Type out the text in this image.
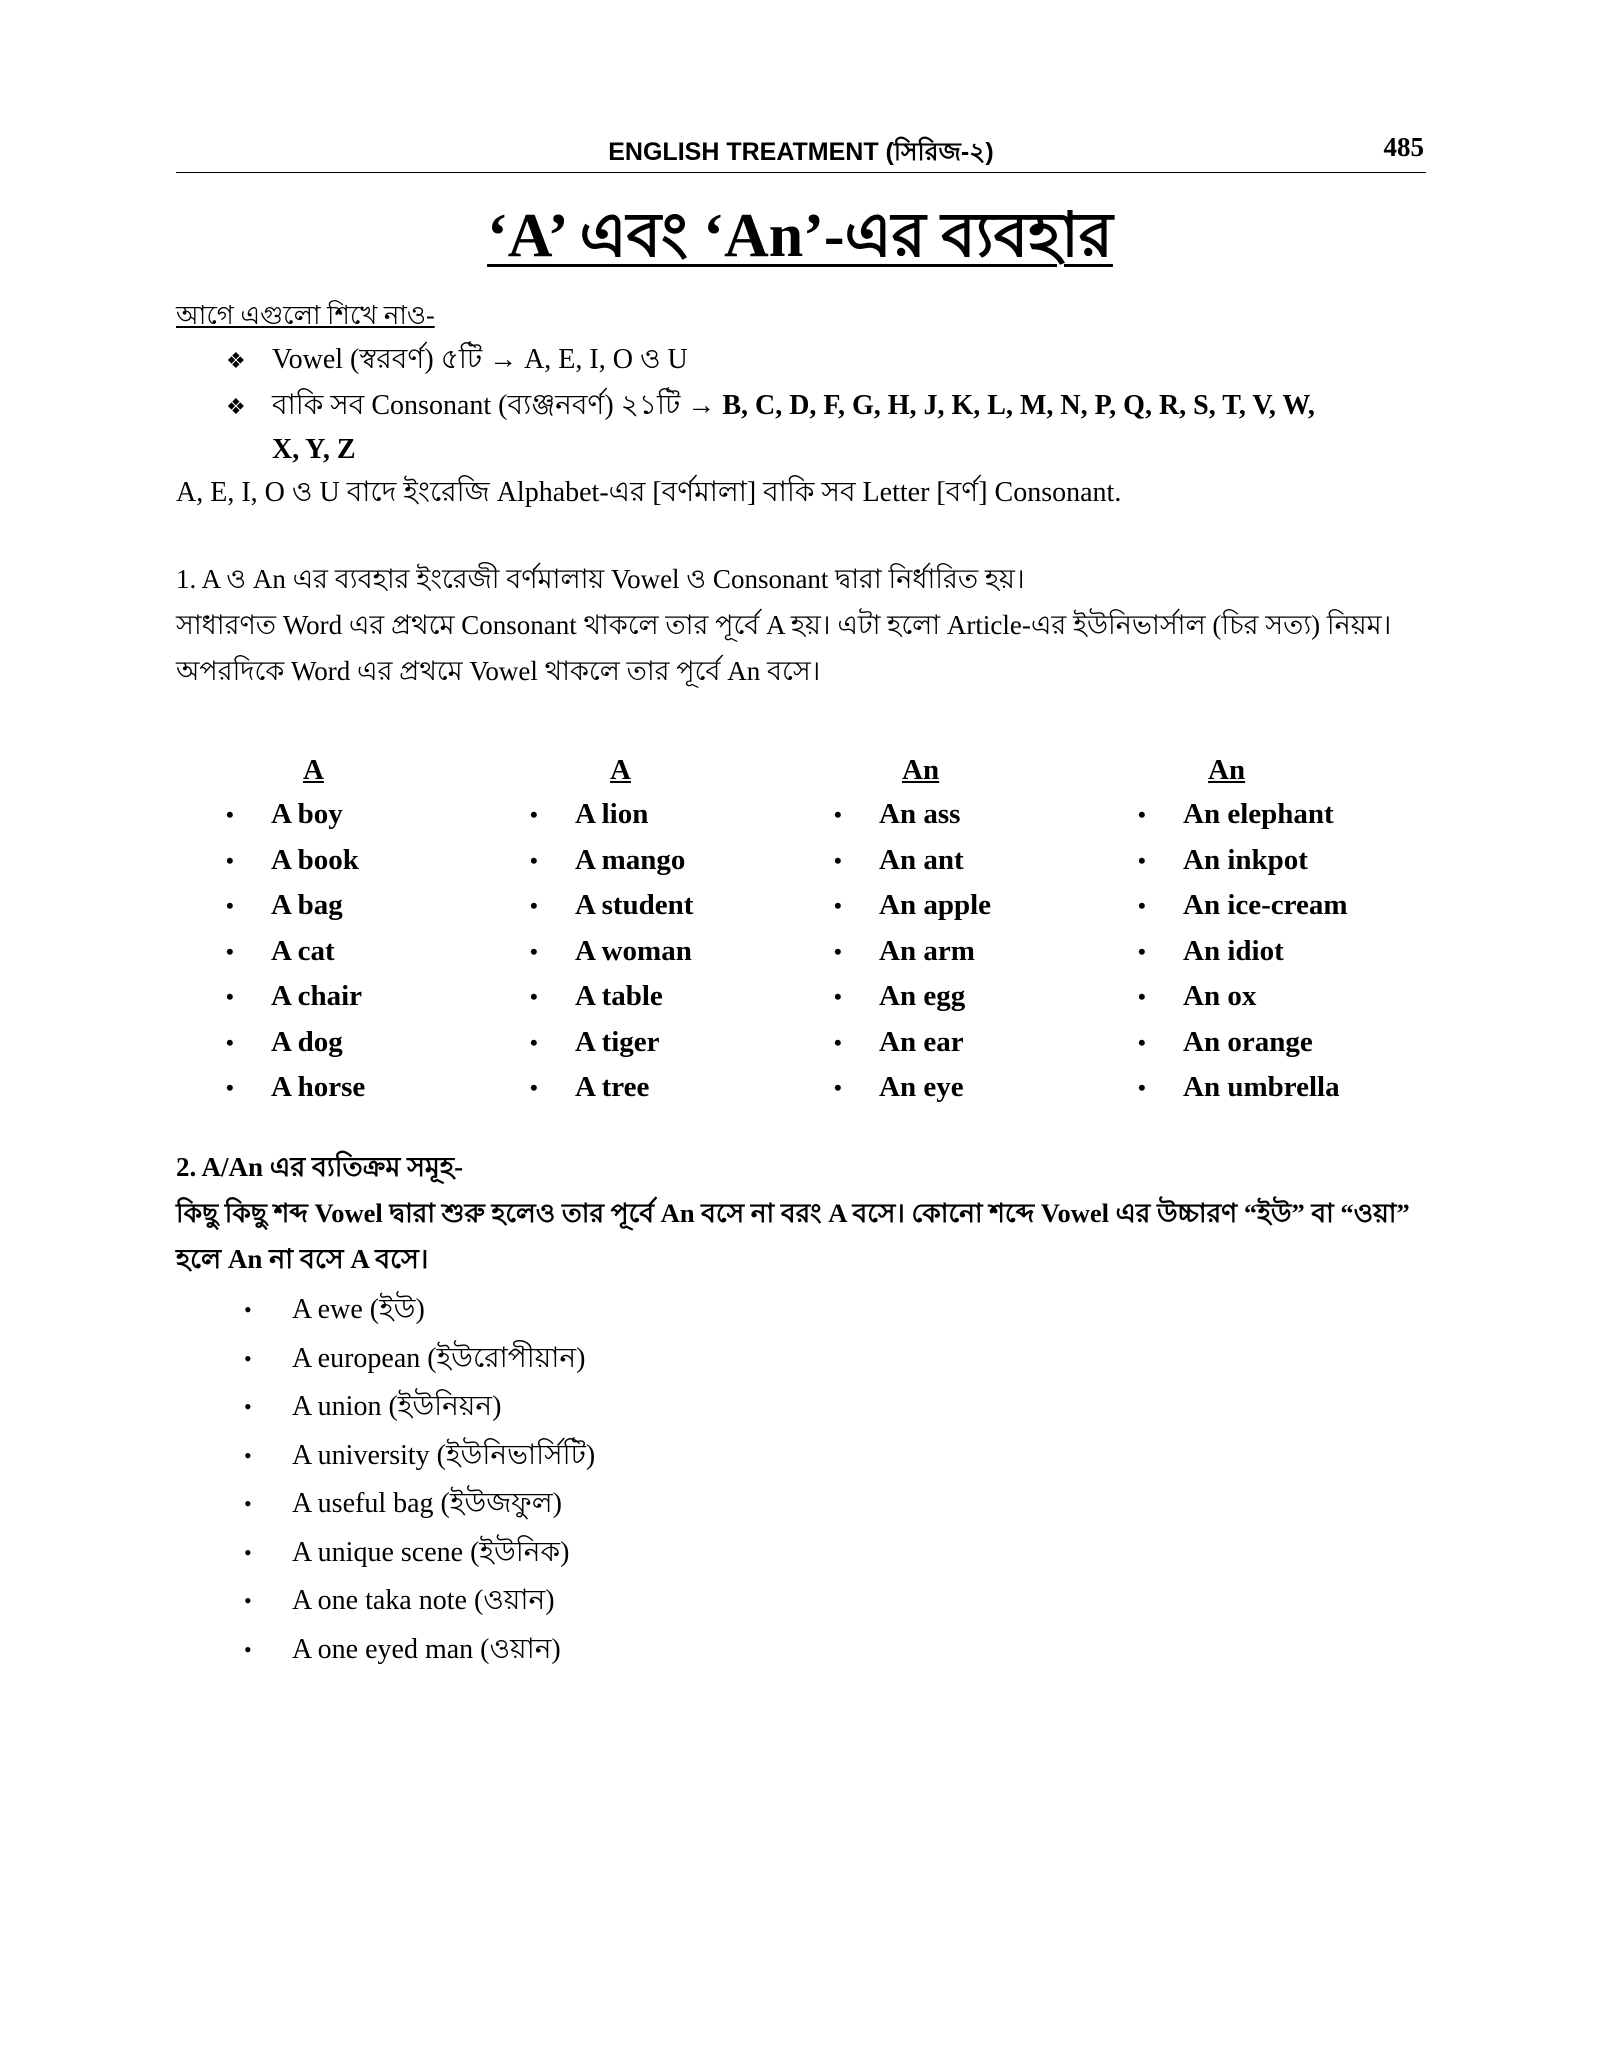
ENGLISH TREATMENT (সিরিজ-২)	485
‘A’ এবং ‘An’-এর ব্যবহার
আগে এগুলো শিখে নাও-
❖ Vowel (স্বরবর্ণ) ৫টি → A, E, I, O ও U
❖ বাকি সব Consonant (ব্যঞ্জনবর্ণ) ২১টি → B, C, D, F, G, H, J, K, L, M, N, P, Q, R, S, T, V, W,
X, Y, Z
A, E, I, O ও U বাদে ইংরেজি Alphabet-এর [বর্ণমালা] বাকি সব Letter [বর্ণ] Consonant.
1. A ও An এর ব্যবহার ইংরেজী বর্ণমালায় Vowel ও Consonant দ্বারা নির্ধারিত হয়।
সাধারণত Word এর প্রথমে Consonant থাকলে তার পূর্বে A হয়। এটা হলো Article-এর ইউনিভার্সাল (চির সত্য) নিয়ম।
অপরদিকে Word এর প্রথমে Vowel থাকলে তার পূর্বে An বসে।
A
• A boy
• A book
• A bag
• A cat
• A chair
• A dog
• A horse
A
• A lion
• A mango
• A student
• A woman
• A table
• A tiger
• A tree
An
• An ass
• An ant
• An apple
• An arm
• An egg
• An ear
• An eye
An
• An elephant
• An inkpot
• An ice-cream
• An idiot
• An ox
• An orange
• An umbrella
2. A/An এর ব্যতিক্রম সমূহ-
কিছু কিছু শব্দ Vowel দ্বারা শুরু হলেও তার পূর্বে An বসে না বরং A বসে। কোনো শব্দে Vowel এর উচ্চারণ “ইউ” বা “ওয়া”
হলে An না বসে A বসে।
• A ewe (ইউ)
• A european (ইউরোপীয়ান)
• A union (ইউনিয়ন)
• A university (ইউনিভার্সিটি)
• A useful bag (ইউজফুল)
• A unique scene (ইউনিক)
• A one taka note (ওয়ান)
• A one eyed man (ওয়ান)
